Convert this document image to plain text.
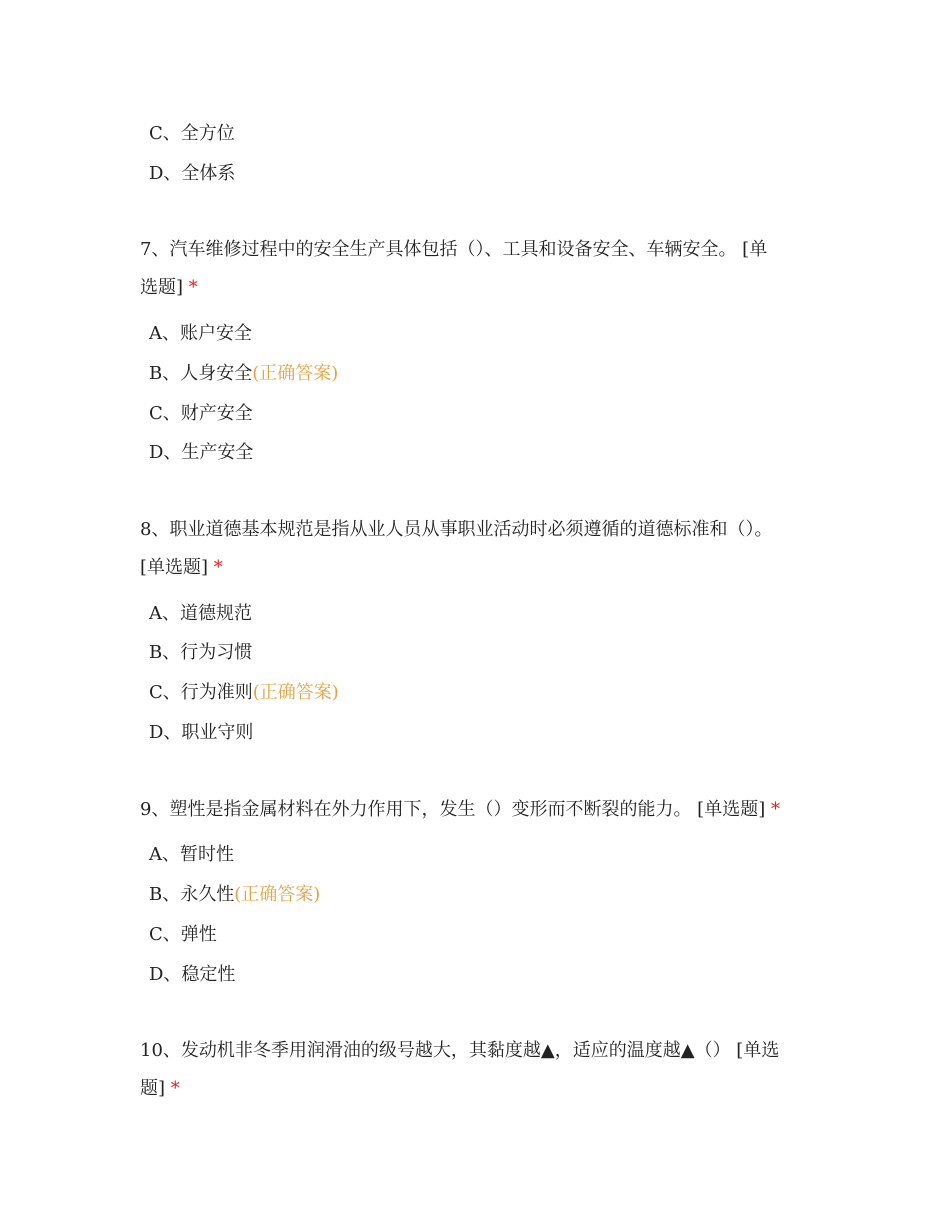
C、全方位
D、全体系
7、汽车维修过程中的安全生产具体包括（）、工具和设备安全、车辆安全。 [单
选题] *
A、账户安全
B、人身安全(正确答案)
C、财产安全
D、生产安全
8、职业道德基本规范是指从业人员从事职业活动时必须遵循的道德标准和（）。
[单选题] *
A、道德规范
B、行为习惯
C、行为准则(正确答案)
D、职业守则
9、塑性是指金属材料在外力作用下，发生（）变形而不断裂的能力。 [单选题] *
A、暂时性
B、永久性(正确答案)
C、弹性
D、稳定性
10、发动机非冬季用润滑油的级号越大，其黏度越▲，适应的温度越▲（） [单选
题] *
